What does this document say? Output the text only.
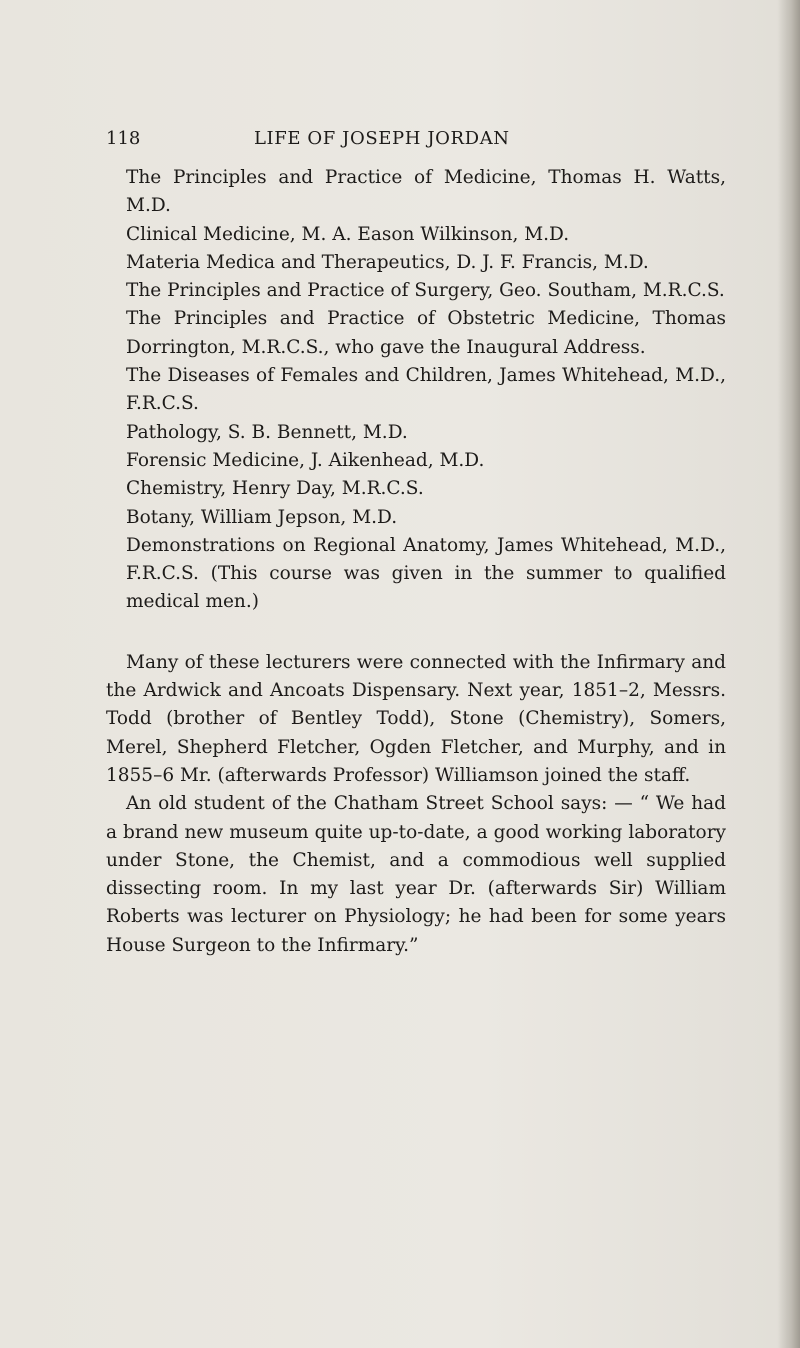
118	LIFE OF JOSEPH JORDAN

The Principles and Practice of Medicine, Thomas H. Watts, M.D.

Clinical Medicine, M. A. Eason Wilkinson, M.D.

Materia Medica and Therapeutics, D. J. F. Francis, M.D.

The Principles and Practice of Surgery, Geo. Southam, M.R.C.S.

The Principles and Practice of Obstetric Medicine, Thomas Dorrington, M.R.C.S., who gave the Inaugural Address.

The Diseases of Females and Children, James Whitehead, M.D., F.R.C.S.

Pathology, S. B. Bennett, M.D.

Forensic Medicine, J. Aikenhead, M.D.

Chemistry, Henry Day, M.R.C.S.

Botany, William Jepson, M.D.

Demonstrations on Regional Anatomy, James Whitehead, M.D., F.R.C.S. (This course was given in the summer to qualified medical men.)

Many of these lecturers were connected with the Infirmary and the Ardwick and Ancoats Dispensary. Next year, 1851–2, Messrs. Todd (brother of Bentley Todd), Stone (Chemistry), Somers, Merel, Shepherd Fletcher, Ogden Fletcher, and Murphy, and in 1855–6 Mr. (afterwards Professor) Williamson joined the staff.

An old student of the Chatham Street School says: — “ We had a brand new museum quite up-to-date, a good working laboratory under Stone, the Chemist, and a commodious well supplied dissecting room. In my last year Dr. (afterwards Sir) William Roberts was lecturer on Physiology; he had been for some years House Surgeon to the Infirmary.”
